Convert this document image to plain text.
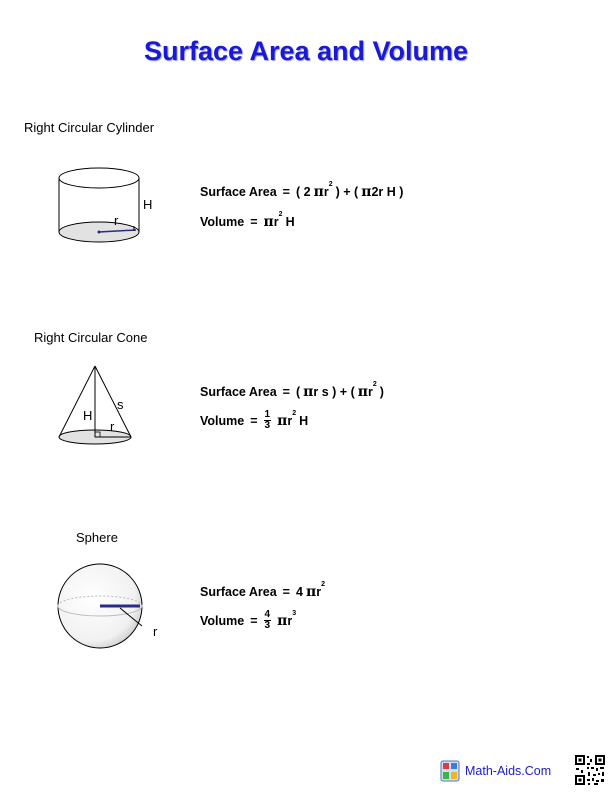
Surface Area and Volume
Right Circular Cylinder
H
r
Surface Area = ( 2 π $r^2$
) + ( π 2r H )
Volume = π $r^2$
H
Right Circular Cone
s
H
r
Surface Area = ( π r s ) + ( π $r^2$
)
Volume = $\frac{1}{3}$ π $r^2$
H
Sphere
r
Surface Area = 4 π $r^2$
Volume = $\frac{4}{3}$ π $r^3$
Math-Aids.Com
